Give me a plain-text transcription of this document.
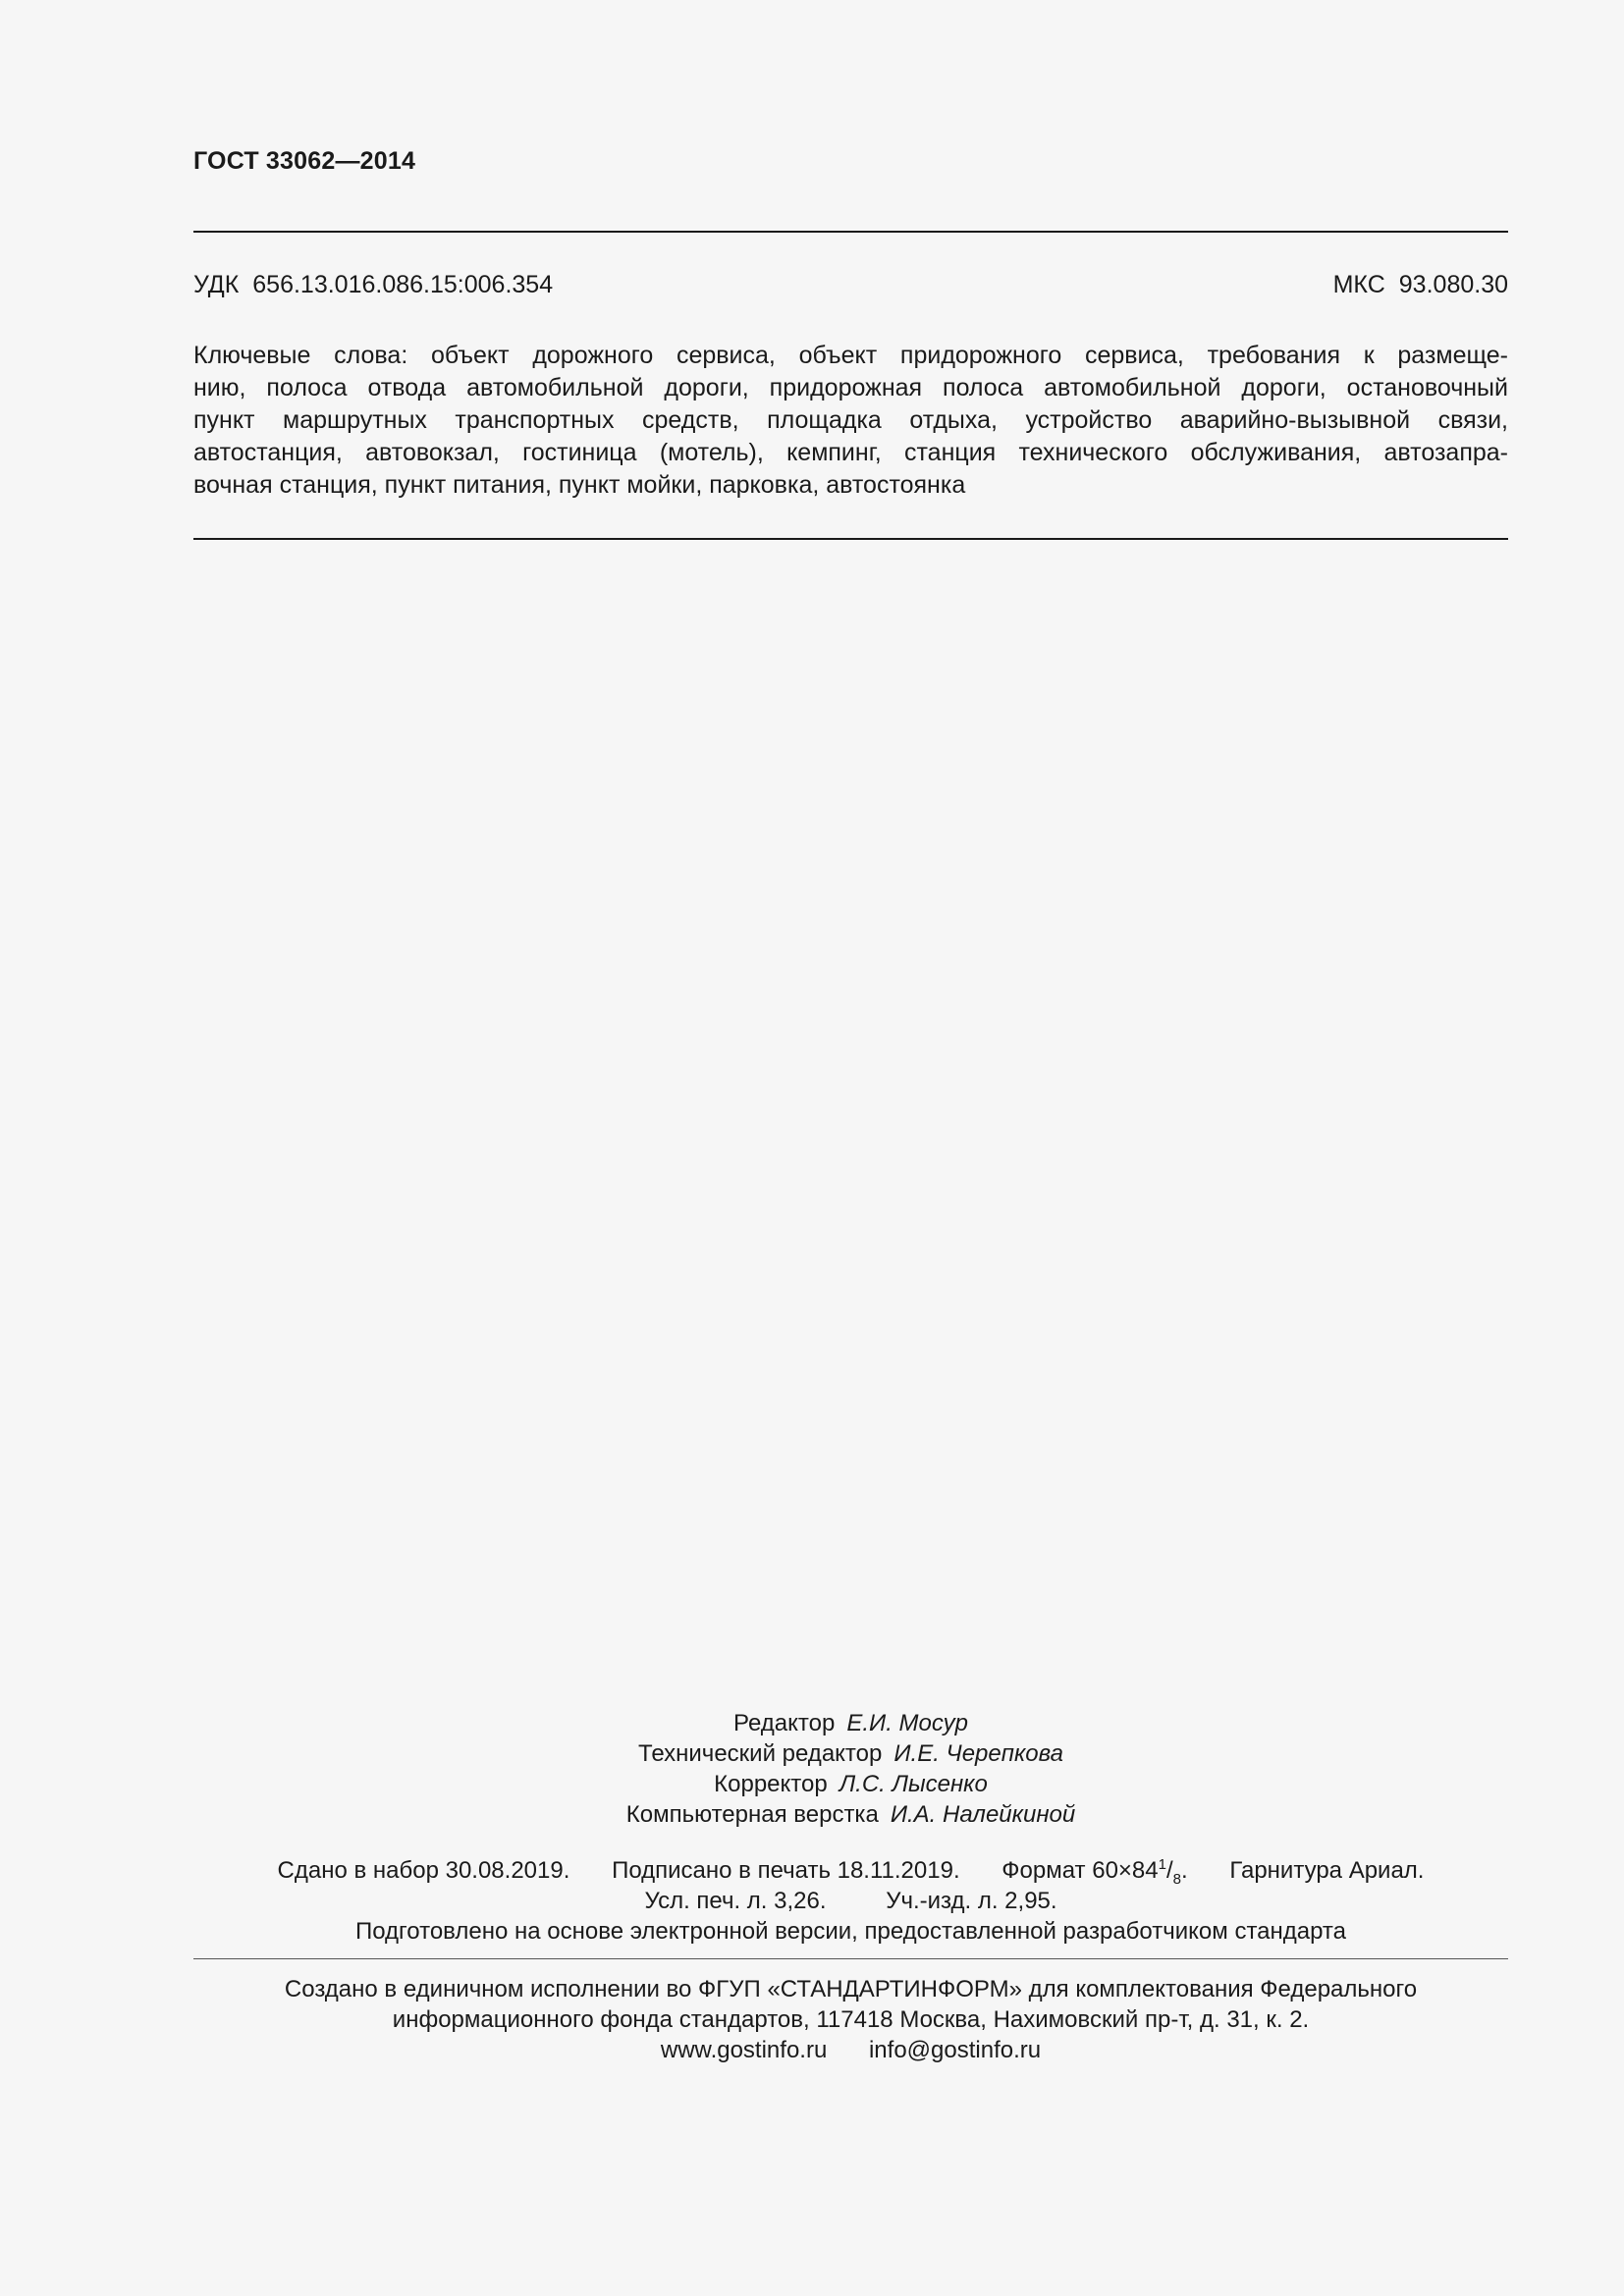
ГОСТ 33062—2014
УДК 656.13.016.086.15:006.354	МКС 93.080.30
Ключевые слова: объект дорожного сервиса, объект придорожного сервиса, требования к размеще-
нию, полоса отвода автомобильной дороги, придорожная полоса автомобильной дороги, остановочный
пункт маршрутных транспортных средств, площадка отдыха, устройство аварийно-вызывной связи,
автостанция, автовокзал, гостиница (мотель), кемпинг, станция технического обслуживания, автозапра-
вочная станция, пункт питания, пункт мойки, парковка, автостоянка
Редактор Е.И. Мосур
Технический редактор И.Е. Черепкова
Корректор Л.С. Лысенко
Компьютерная верстка И.А. Налейкиной
Сдано в набор 30.08.2019. Подписано в печать 18.11.2019. Формат $60\times 84^1/_8$. Гарнитура Ариал.
Усл. печ. л. 3,26.	Уч.-изд. л. 2,95.
Подготовлено на основе электронной версии, предоставленной разработчиком стандарта
Создано в единичном исполнении во ФГУП «СТАНДАРТИНФОРМ» для комплектования Федерального
информационного фонда стандартов, 117418 Москва, Нахимовский пр-т, д. 31, к. 2.
www.gostinfo.ru info@gostinfo.ru
